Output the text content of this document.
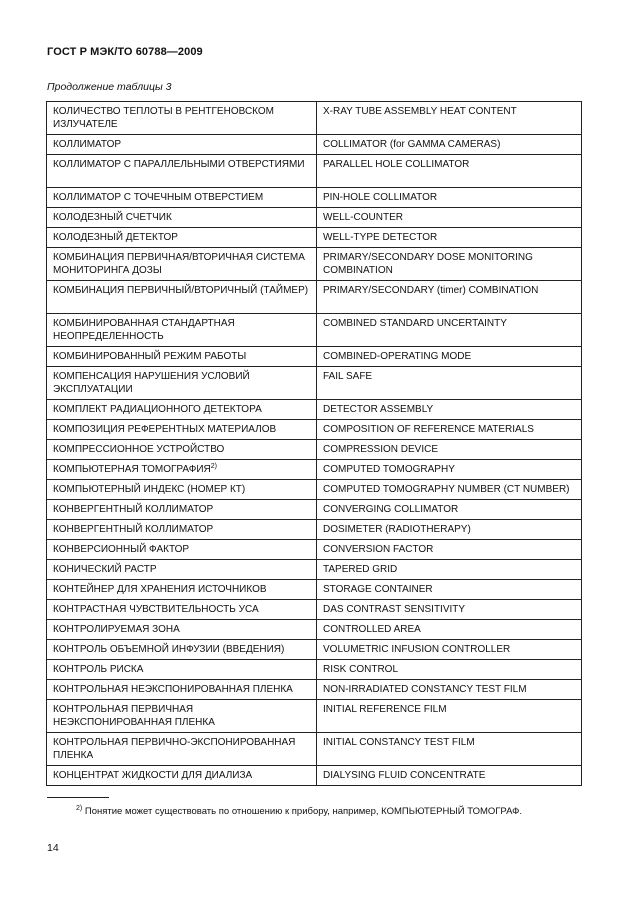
ГОСТ Р МЭК/ТО 60788—2009
Продолжение таблицы 3
КОЛИЧЕСТВО ТЕПЛОТЫ В РЕНТГЕНОВСКОМ ИЗЛУЧАТЕЛЕ	X-RAY TUBE ASSEMBLY HEAT CONTENT
КОЛЛИМАТОР	COLLIMATOR (for GAMMA CAMERAS)
КОЛЛИМАТОР С ПАРАЛЛЕЛЬНЫМИ ОТВЕРСТИЯМИ	PARALLEL HOLE COLLIMATOR
КОЛЛИМАТОР С ТОЧЕЧНЫМ ОТВЕРСТИЕМ	PIN-HOLE COLLIMATOR
КОЛОДЕЗНЫЙ СЧЕТЧИК	WELL-COUNTER
КОЛОДЕЗНЫЙ ДЕТЕКТОР	WELL-TYPE DETECTOR
КОМБИНАЦИЯ ПЕРВИЧНАЯ/ВТОРИЧНАЯ СИСТЕМА МОНИТОРИНГА ДОЗЫ	PRIMARY/SECONDARY DOSE MONITORING COMBINATION
КОМБИНАЦИЯ ПЕРВИЧНЫЙ/ВТОРИЧНЫЙ (ТАЙМЕР)	PRIMARY/SECONDARY (timer) COMBINATION
КОМБИНИРОВАННАЯ СТАНДАРТНАЯ НЕОПРЕДЕЛЕННОСТЬ	COMBINED STANDARD UNCERTAINTY
КОМБИНИРОВАННЫЙ РЕЖИМ РАБОТЫ	COMBINED-OPERATING MODE
КОМПЕНСАЦИЯ НАРУШЕНИЯ УСЛОВИЙ ЭКСПЛУАТАЦИИ	FAIL SAFE
КОМПЛЕКТ РАДИАЦИОННОГО ДЕТЕКТОРА	DETECTOR ASSEMBLY
КОМПОЗИЦИЯ РЕФЕРЕНТНЫХ МАТЕРИАЛОВ	COMPOSITION OF REFERENCE MATERIALS
КОМПРЕССИОННОЕ УСТРОЙСТВО	COMPRESSION DEVICE
КОМПЬЮТЕРНАЯ ТОМОГРАФИЯ$^{2)}$	COMPUTED TOMOGRAPHY
КОМПЬЮТЕРНЫЙ ИНДЕКС (НОМЕР КТ)	COMPUTED TOMOGRAPHY NUMBER (CT NUMBER)
КОНВЕРГЕНТНЫЙ КОЛЛИМАТОР	CONVERGING COLLIMATOR
КОНВЕРГЕНТНЫЙ КОЛЛИМАТОР	DOSIMETER (RADIOTHERAPY)
КОНВЕРСИОННЫЙ ФАКТОР	CONVERSION FACTOR
КОНИЧЕСКИЙ РАСТР	TAPERED GRID
КОНТЕЙНЕР ДЛЯ ХРАНЕНИЯ ИСТОЧНИКОВ	STORAGE CONTAINER
КОНТРАСТНАЯ ЧУВСТВИТЕЛЬНОСТЬ УСА	DAS CONTRAST SENSITIVITY
КОНТРОЛИРУЕМАЯ ЗОНА	CONTROLLED AREA
КОНТРОЛЬ ОБЪЕМНОЙ ИНФУЗИИ (ВВЕДЕНИЯ)	VOLUMETRIC INFUSION CONTROLLER
КОНТРОЛЬ РИСКА	RISK CONTROL
КОНТРОЛЬНАЯ НЕЭКСПОНИРОВАННАЯ ПЛЕНКА	NON-IRRADIATED CONSTANCY TEST FILM
КОНТРОЛЬНАЯ ПЕРВИЧНАЯ НЕЭКСПОНИРОВАННАЯ ПЛЕНКА	INITIAL REFERENCE FILM
КОНТРОЛЬНАЯ ПЕРВИЧНО-ЭКСПОНИРОВАННАЯ ПЛЕНКА	INITIAL CONSTANCY TEST FILM
КОНЦЕНТРАТ ЖИДКОСТИ ДЛЯ ДИАЛИЗА	DIALYSING FLUID CONCENTRATE
$^{2)}$ Понятие может существовать по отношению к прибору, например, КОМПЬЮТЕРНЫЙ ТОМОГРАФ.
14
